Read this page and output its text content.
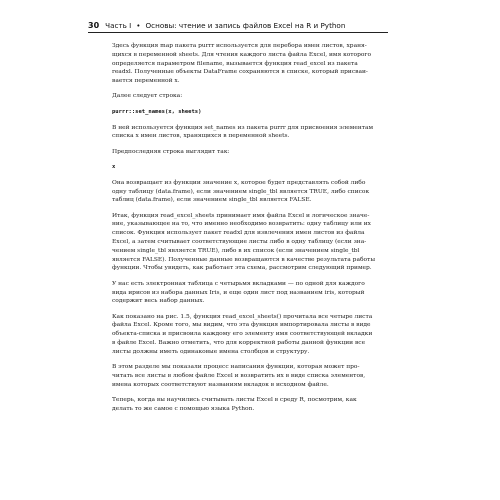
30 Часть I • Основы: чтение и запись файлов Excel на R и Python

Здесь функция map пакета purrr используется для перебора имен листов, храня-
щихся в переменной sheets. Для чтения каждого листа файла Excel, имя которого
определяется параметром filename, вызывается функция read_excel из пакета
readxl. Полученные объекты DataFrame сохраняются в списке, который присваи-
вается переменной x.

Далее следует строка:

purrr::set_names(x, sheets)

В ней используется функция set_names из пакета purrr для присвоения элементам
списка x имен листов, хранящихся в переменной sheets.

Предпоследняя строка выглядит так:

x

Она возвращает из функции значение x, которое будет представлять собой либо
одну таблицу (data.frame), если значением single_tbl является TRUE, либо список
таблиц (data.frame), если значением single_tbl является FALSE.

Итак, функция read_excel_sheets принимает имя файла Excel и логическое значе-
ние, указывающее на то, что именно необходимо возвратить: одну таблицу или их
список. Функция использует пакет readxl для извлечения имен листов из файла
Excel, а затем считывает соответствующие листы либо в одну таблицу (если зна-
чением single_tbl является TRUE), либо в их список (если значением single_tbl
является FALSE). Полученные данные возвращаются в качестве результата работы
функции. Чтобы увидеть, как работает эта схема, рассмотрим следующий пример.

У нас есть электронная таблица с четырьмя вкладками — по одной для каждого
вида ирисов из набора данных Iris, и еще один лист под названием iris, который
содержит весь набор данных.

Как показано на рис. 1.5, функция read_excel_sheets() прочитала все четыре листа
файла Excel. Кроме того, мы видим, что эта функция импортировала листы в виде
объекта-списка и присвоила каждому его элементу имя соответствующей вкладки
в файле Excel. Важно отметить, что для корректной работы данной функции все
листы должны иметь одинаковые имена столбцов и структуру.

В этом разделе мы показали процесс написания функции, которая может про-
читать все листы в любом файле Excel и возвратить их в виде списка элементов,
имена которых соответствуют названиям вкладок в исходном файле.

Теперь, когда вы научились считывать листы Excel в среду R, посмотрим, как
делать то же самое с помощью языка Python.
